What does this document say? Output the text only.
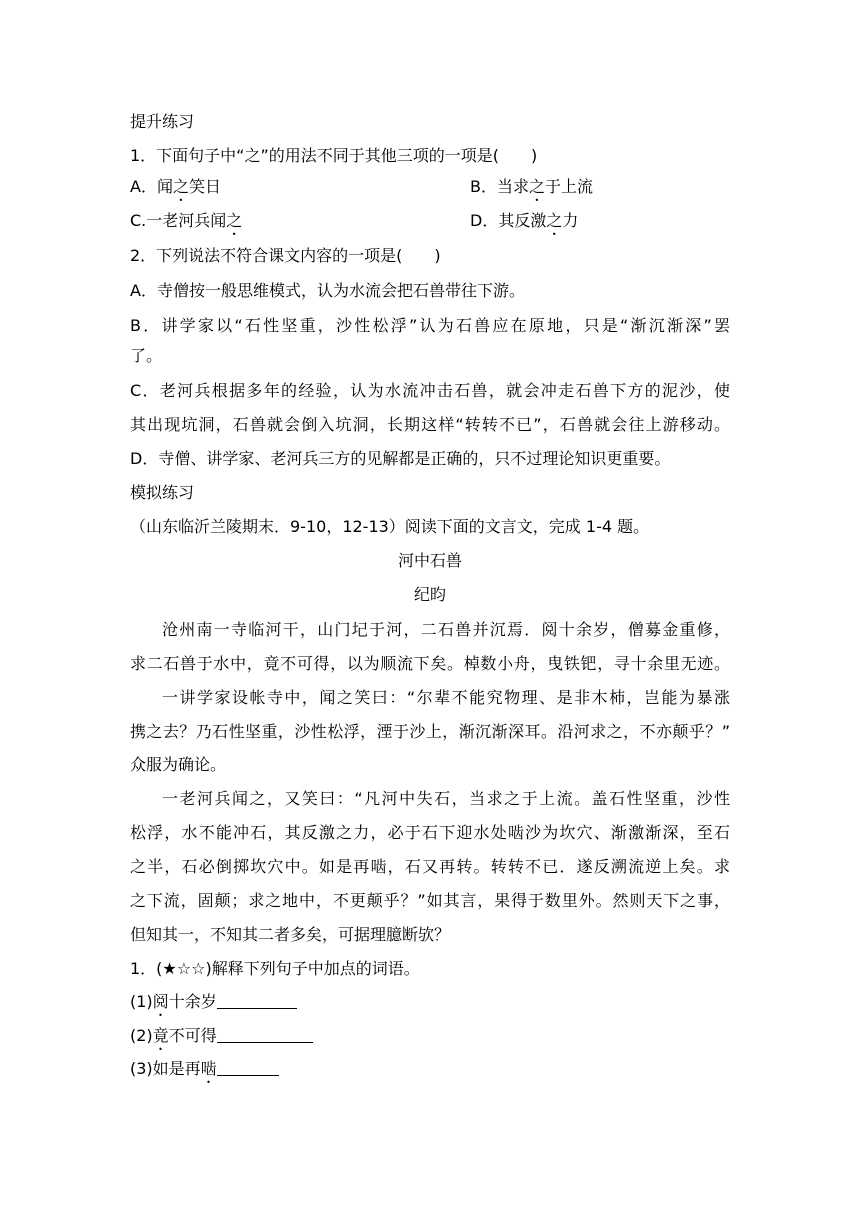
提升练习
1．下面句子中“之”的用法不同于其他三项的一项是(　　)
A．闻之笑日	B．当求之于上流
C.一老河兵闻之	D．其反激之力
2．下列说法不符合课文内容的一项是(　　)
A．寺僧按一般思维模式，认为水流会把石兽带往下游。
B．讲学家以“石性坚重，沙性松浮”认为石兽应在原地，只是“渐沉渐深”罢
了。
C．老河兵根据多年的经验，认为水流冲击石兽，就会冲走石兽下方的泥沙，使
其出现坑洞，石兽就会倒入坑洞，长期这样“转转不已”，石兽就会往上游移动。
D．寺僧、讲学家、老河兵三方的见解都是正确的，只不过理论知识更重要。
模拟练习
（山东临沂兰陵期末．9-10，12-13）阅读下面的文言文，完成 1-4 题。
河中石兽
纪昀
沧州南一寺临河干，山门圮于河，二石兽并沉焉．阅十余岁，僧募金重修，
求二石兽于水中，竟不可得，以为顺流下矣。棹数小舟，曳铁钯，寻十余里无迹。
一讲学家设帐寺中，闻之笑曰：“尔辈不能究物理、是非木杮，岂能为暴涨
携之去？乃石性坚重，沙性松浮，湮于沙上，渐沉渐深耳。沿河求之，不亦颠乎？”
众服为确论。
一老河兵闻之，又笑曰：“凡河中失石，当求之于上流。盖石性坚重，沙性
松浮，水不能冲石，其反激之力，必于石下迎水处啮沙为坎穴、渐激渐深，至石
之半，石必倒掷坎穴中。如是再啮，石又再转。转转不已．遂反溯流逆上矣。求
之下流，固颠；求之地中，不更颠乎？”如其言，果得于数里外。然则天下之事，
但知其一，不知其二者多矣，可据理臆断欤？
1．(★☆☆)解释下列句子中加点的词语。
(1)阅十余岁
(2)竟不可得
(3)如是再啮
